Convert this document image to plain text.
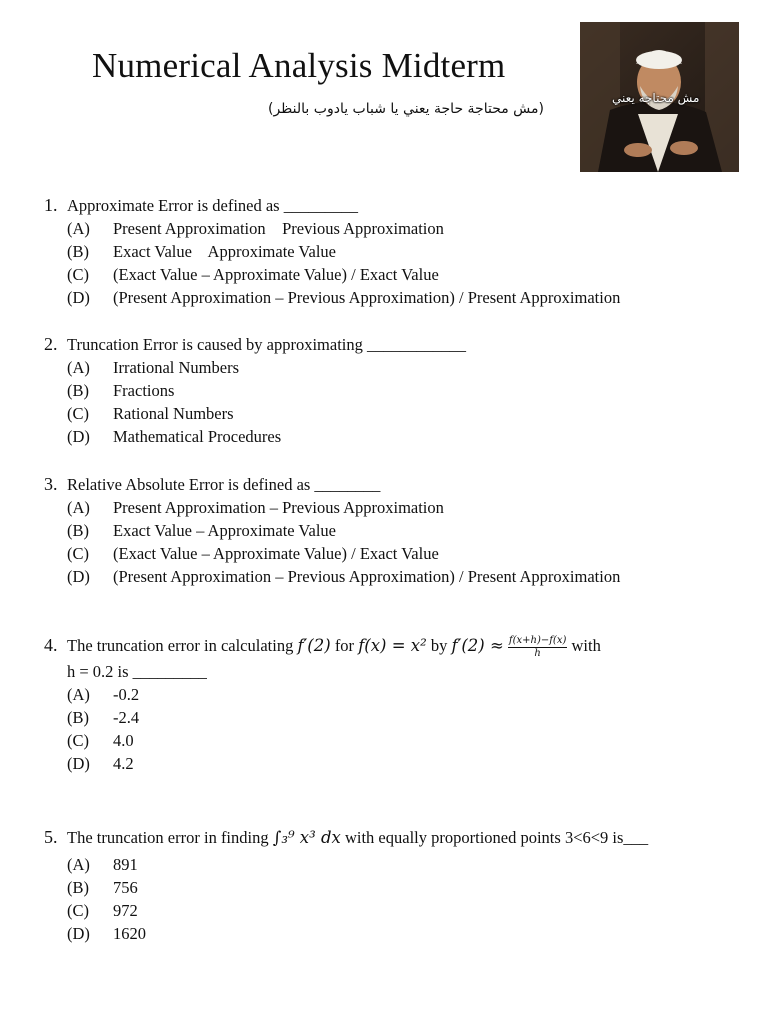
Numerical Analysis Midterm
(مش محتاجة حاجة يعني يا شباب يادوب بالنظر)
مش محتاجه يعني
1. Approximate Error is defined as _________
(A) Present Approximation    Previous Approximation
(B) Exact Value    Approximate Value
(C) (Exact Value – Approximate Value) / Exact Value
(D) (Present Approximation – Previous Approximation) / Present Approximation
2. Truncation Error is caused by approximating ____________
(A) Irrational Numbers
(B) Fractions
(C) Rational Numbers
(D) Mathematical Procedures
3. Relative Absolute Error is defined as ________
(A) Present Approximation – Previous Approximation
(B) Exact Value – Approximate Value
(C) (Exact Value – Approximate Value) / Exact Value
(D) (Present Approximation – Previous Approximation) / Present Approximation
4. The truncation error in calculating f′(2) for f(x) = x² by $f'(2) \approx \frac{f(x+h)-f(x)}{h}$ with
h = 0.2 is _________
(A) -0.2
(B) -2.4
(C) 4.0
(D) 4.2
5. The truncation error in finding ∫₃⁹ x³ dx with equally proportioned points 3<6<9 is___
(A) 891
(B) 756
(C) 972
(D) 1620
